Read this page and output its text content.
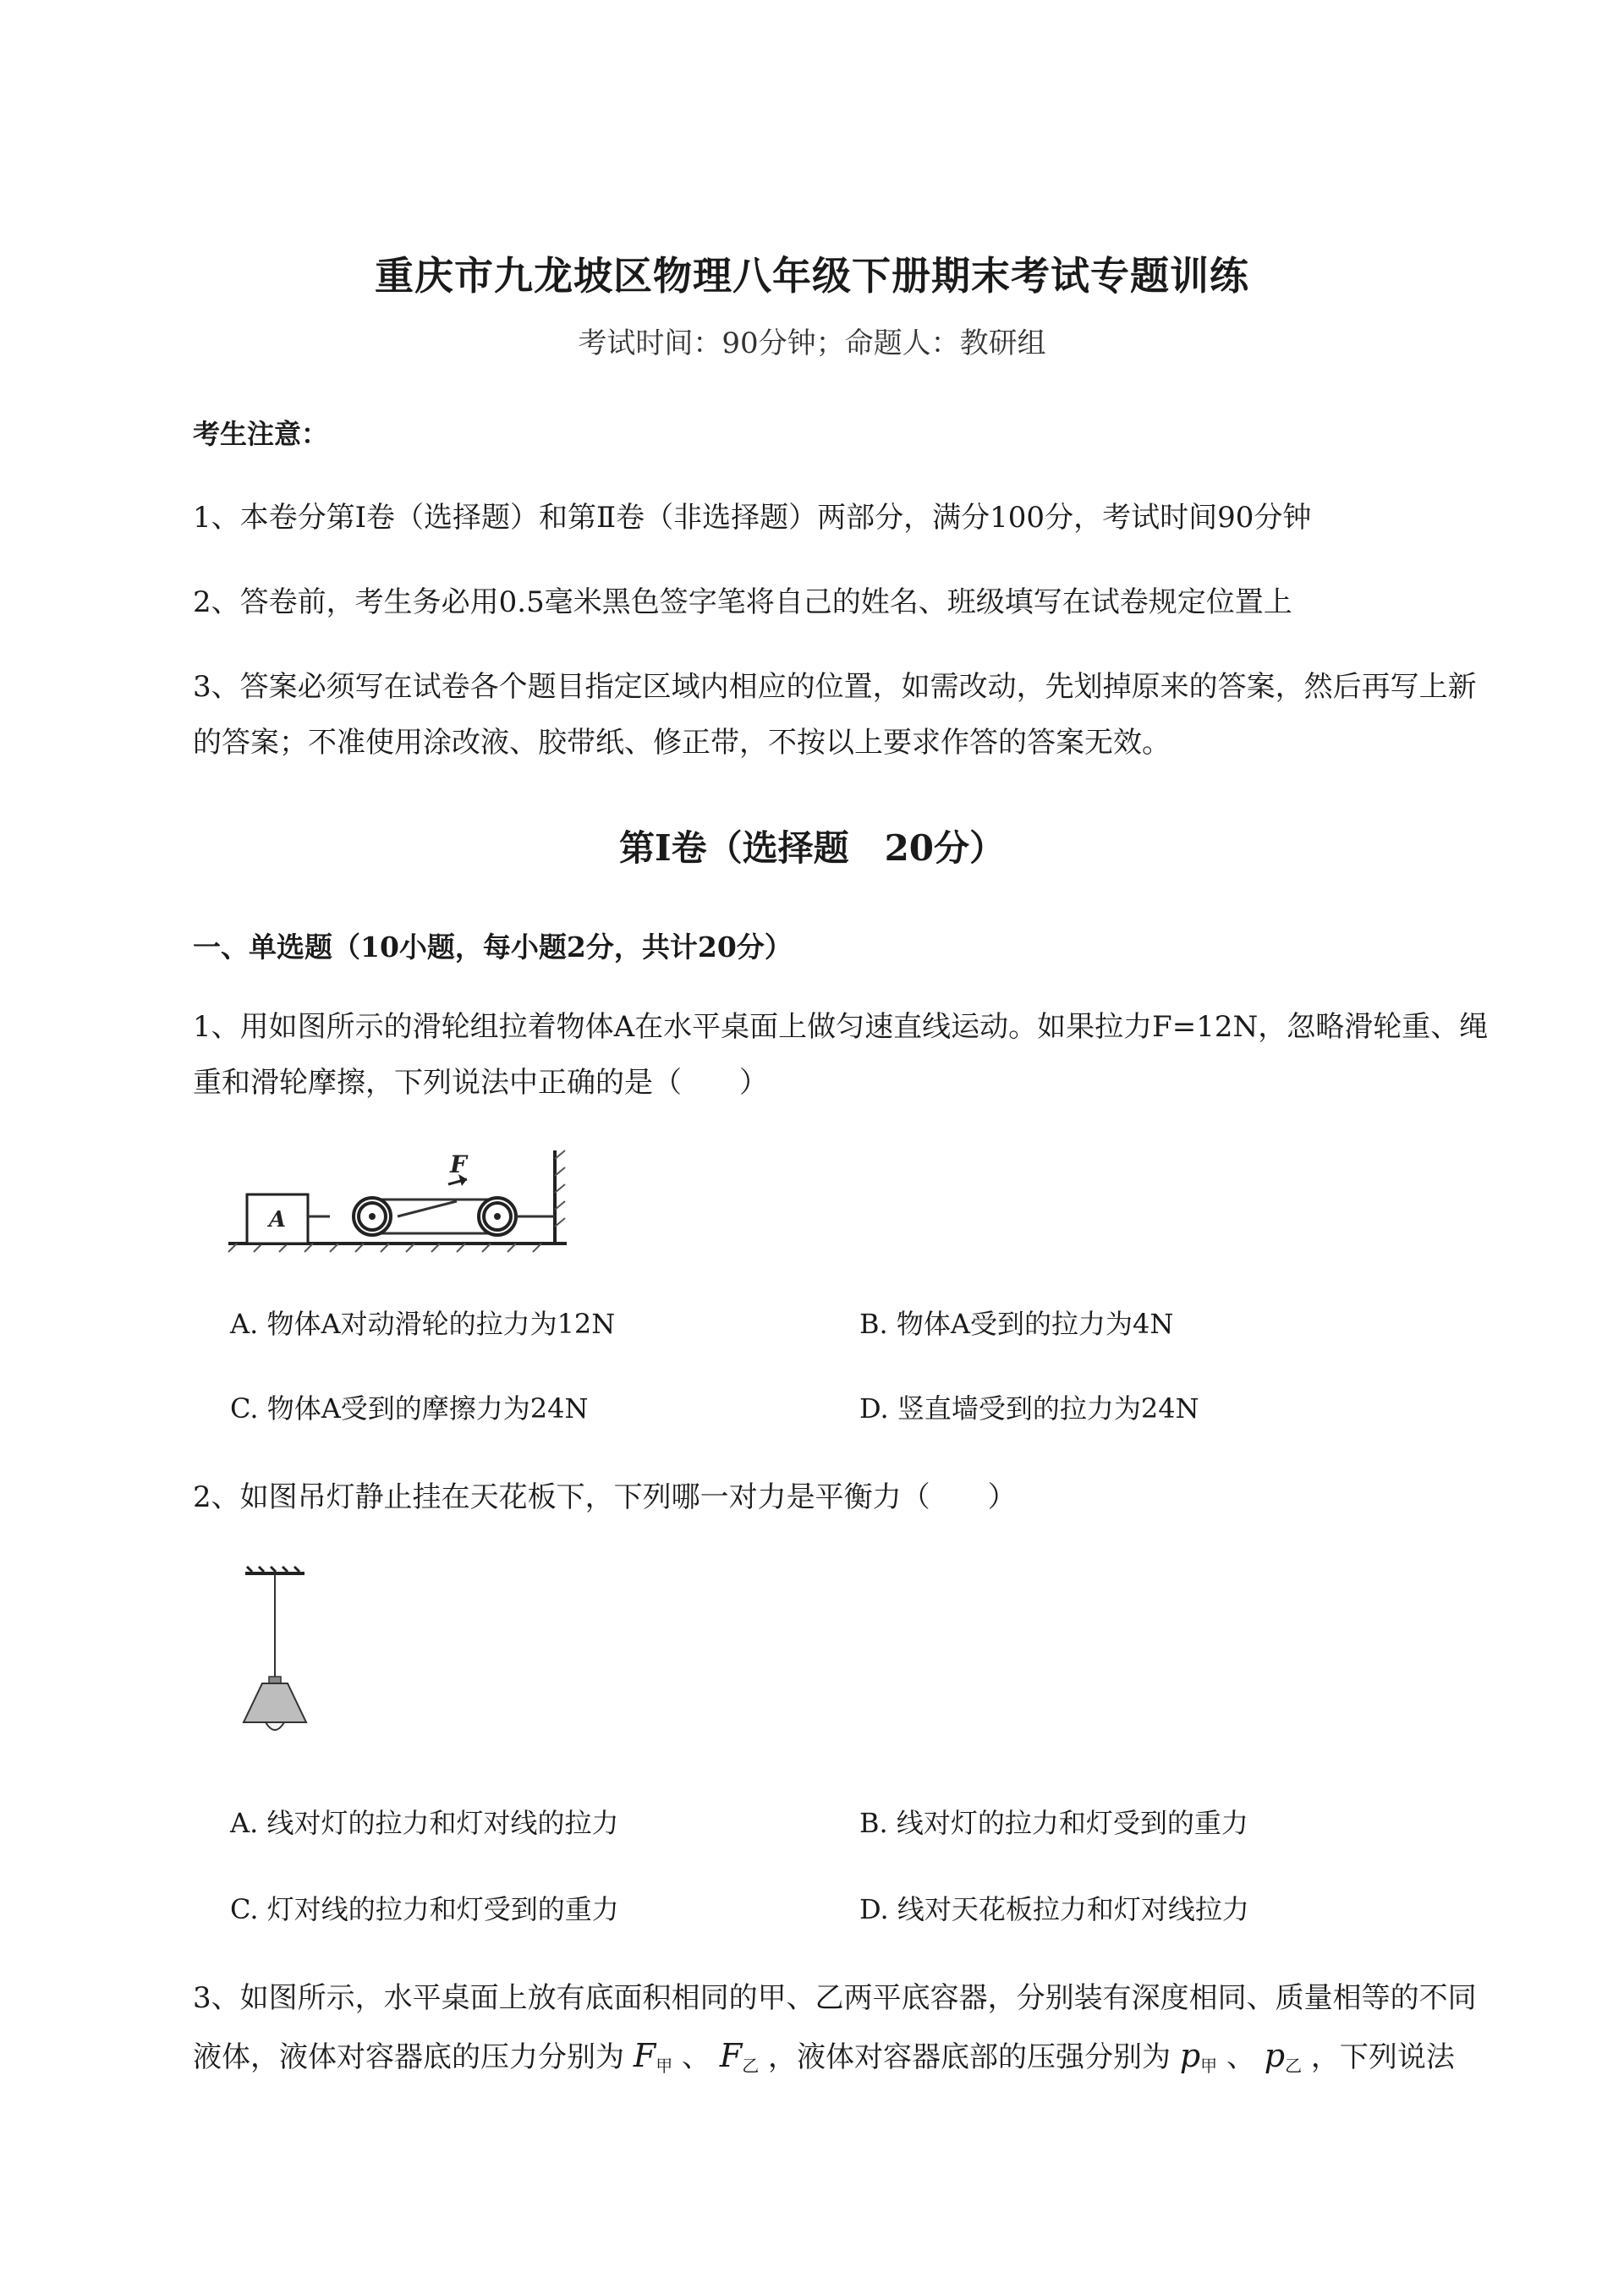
重庆市九龙坡区物理八年级下册期末考试专题训练
考试时间：90分钟；命题人：教研组
考生注意：
1、本卷分第I卷（选择题）和第Ⅱ卷（非选择题）两部分，满分100分，考试时间90分钟
2、答卷前，考生务必用0.5毫米黑色签字笔将自己的姓名、班级填写在试卷规定位置上
3、答案必须写在试卷各个题目指定区域内相应的位置，如需改动，先划掉原来的答案，然后再写上新
的答案；不准使用涂改液、胶带纸、修正带，不按以上要求作答的答案无效。
第I卷（选择题　20分）
一、单选题（10小题，每小题2分，共计20分）
1、用如图所示的滑轮组拉着物体A在水平桌面上做匀速直线运动。如果拉力F=12N，忽略滑轮重、绳
重和滑轮摩擦，下列说法中正确的是（　　）
A
F
A. 物体A对动滑轮的拉力为12N	B. 物体A受到的拉力为4N
C. 物体A受到的摩擦力为24N	D. 竖直墙受到的拉力为24N
2、如图吊灯静止挂在天花板下，下列哪一对力是平衡力（　　）
A. 线对灯的拉力和灯对线的拉力	B. 线对灯的拉力和灯受到的重力
C. 灯对线的拉力和灯受到的重力	D. 线对天花板拉力和灯对线拉力
3、如图所示，水平桌面上放有底面积相同的甲、乙两平底容器，分别装有深度相同、质量相等的不同
液体，液体对容器底的压力分别为 $F_甲$ 、 $F_乙$ ，液体对容器底部的压强分别为 $p_甲$ 、 $p_乙$ ，下列说法
